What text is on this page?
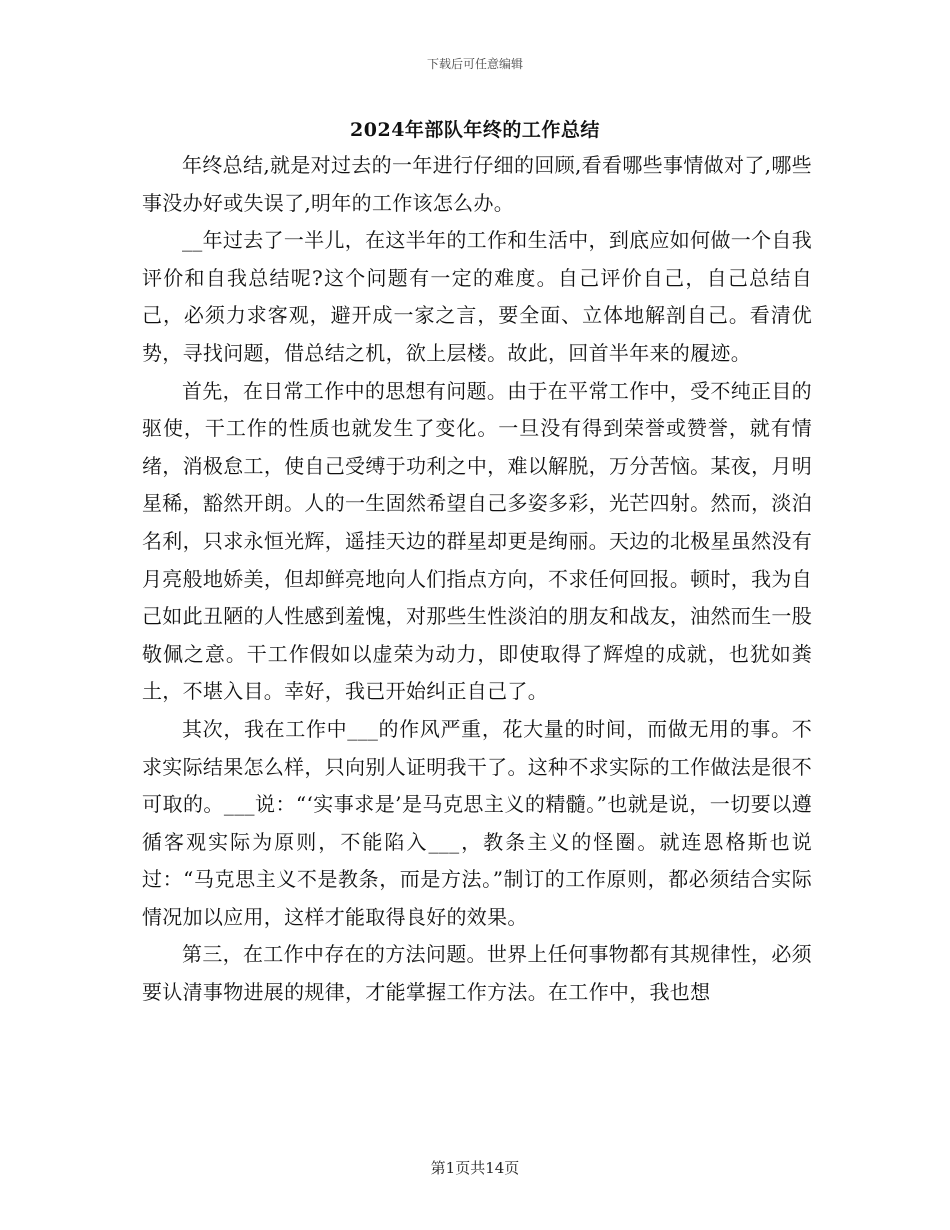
下载后可任意编辑
2024年部队年终的工作总结

年终总结,就是对过去的一年进行仔细的回顾,看看哪些事情做对了,哪些事没办好或失误了,明年的工作该怎么办。

__年过去了一半儿，在这半年的工作和生活中，到底应如何做一个自我评价和自我总结呢?这个问题有一定的难度。自己评价自己，自己总结自己，必须力求客观，避开成一家之言，要全面、立体地解剖自己。看清优势，寻找问题，借总结之机，欲上层楼。故此，回首半年来的履迹。

首先，在日常工作中的思想有问题。由于在平常工作中，受不纯正目的驱使，干工作的性质也就发生了变化。一旦没有得到荣誉或赞誉，就有情绪，消极怠工，使自己受缚于功利之中，难以解脱，万分苦恼。某夜，月明星稀，豁然开朗。人的一生固然希望自己多姿多彩，光芒四射。然而，淡泊名利，只求永恒光辉，遥挂天边的群星却更是绚丽。天边的北极星虽然没有月亮般地娇美，但却鲜亮地向人们指点方向，不求任何回报。顿时，我为自己如此丑陋的人性感到羞愧，对那些生性淡泊的朋友和战友，油然而生一股敬佩之意。干工作假如以虚荣为动力，即使取得了辉煌的成就，也犹如粪土，不堪入目。幸好，我已开始纠正自己了。

其次，我在工作中___的作风严重，花大量的时间，而做无用的事。不求实际结果怎么样，只向别人证明我干了。这种不求实际的工作做法是很不可取的。___说：“‘实事求是’是马克思主义的精髓。”也就是说，一切要以遵循客观实际为原则，不能陷入___，教条主义的怪圈。就连恩格斯也说过：“马克思主义不是教条，而是方法。”制订的工作原则，都必须结合实际情况加以应用，这样才能取得良好的效果。

第三，在工作中存在的方法问题。世界上任何事物都有其规律性，必须要认清事物进展的规律，才能掌握工作方法。在工作中，我也想

第1页共14页
